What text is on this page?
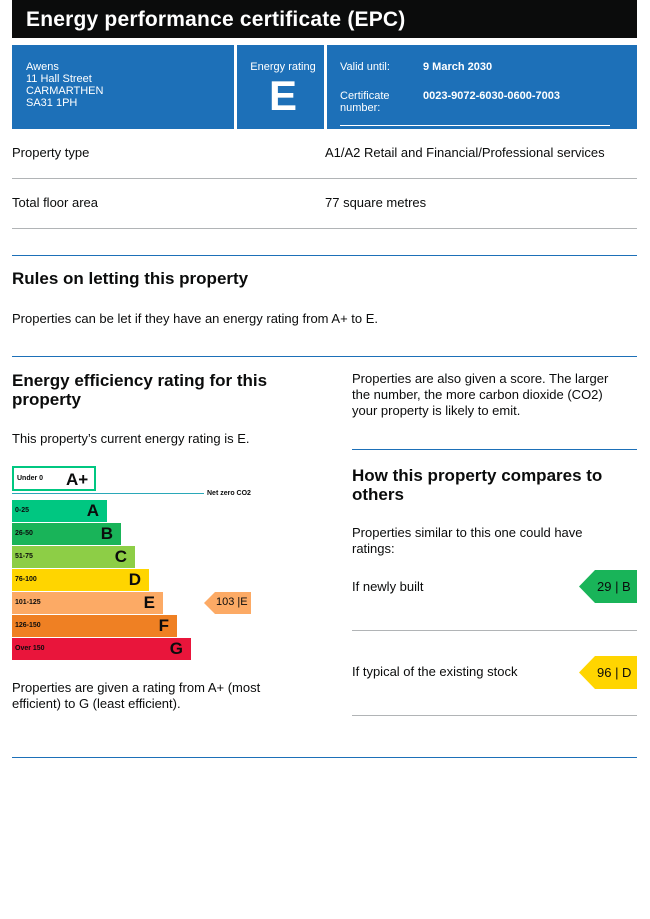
Energy performance certificate (EPC)
Awens
11 Hall Street
CARMARTHEN
SA31 1PH
Energy rating
E
Valid until:	9 March 2030
Certificate
number:
0023-9072-6030-0600-7003
Property type	A1/A2 Retail and Financial/Professional services
Total floor area	77 square metres
Rules on letting this property
Properties can be let if they have an energy rating from A+ to E.
Energy efficiency rating for this
property
This property’s current energy rating is E.
Under 0 A+
Net zero CO2
0-25	A
26-50	B
51-75	C
76-100	D
101-125	E
126-150	F
Over 150	G
103 |E
Properties are given a rating from A+ (most
efficient) to G (least efficient).
Properties are also given a score. The larger
the number, the more carbon dioxide (CO2)
your property is likely to emit.
How this property compares to
others
Properties similar to this one could have
ratings:
If newly built	29 | B
If typical of the existing stock	96 | D
